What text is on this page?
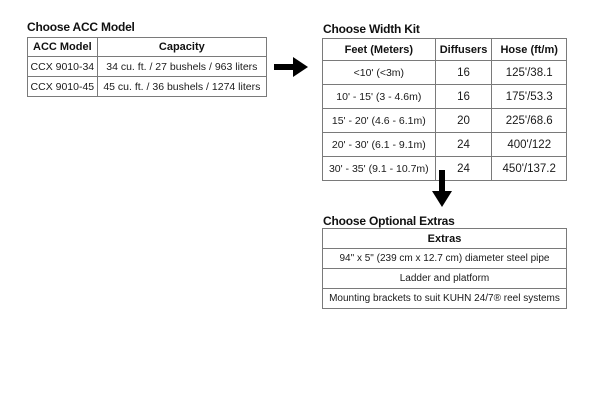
Choose ACC Model
ACC Model	Capacity
CCX 9010-34	34 cu. ft. / 27 bushels / 963 liters
CCX 9010-45	45 cu. ft. / 36 bushels / 1274 liters
Choose Width Kit
Feet (Meters)	Diffusers	Hose (ft/m)
<10' (<3m)	16	125'/38.1
10' - 15' (3 - 4.6m)	16	175'/53.3
15' - 20' (4.6 - 6.1m)	20	225'/68.6
20' - 30' (6.1 - 9.1m)	24	400'/122
30' - 35' (9.1 - 10.7m)	24	450'/137.2
Choose Optional Extras
Extras
94" x 5" (239 cm x 12.7 cm) diameter steel pipe
Ladder and platform
Mounting brackets to suit KUHN 24/7® reel systems
